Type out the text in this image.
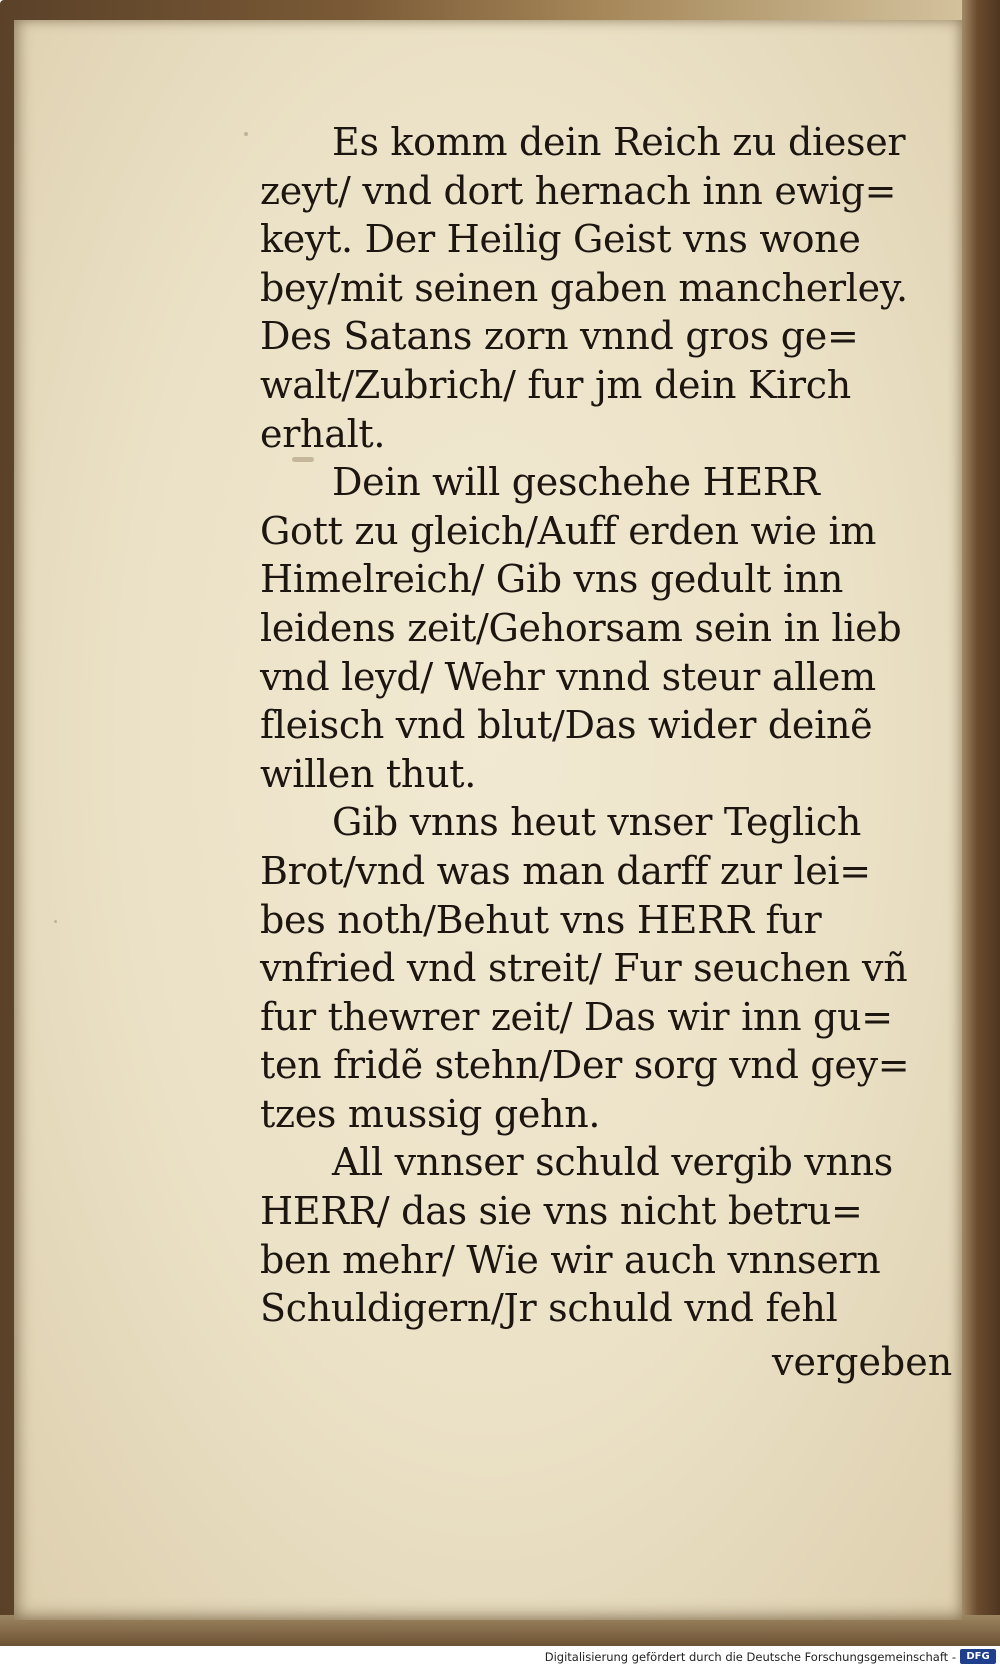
Es komm dein Reich zu dieser
zeyt/ vnd dort hernach inn ewig=
keyt. Der Heilig Geist vns wone
bey/mit seinen gaben mancherley.
Des Satans zorn vnnd gros ge=
walt/Zubrich/ fur jm dein Kirch
erhalt.
Dein will geschehe HERR
Gott zu gleich/Auff erden wie im
Himelreich/ Gib vns gedult inn
leidens zeit/Gehorsam sein in lieb
vnd leyd/ Wehr vnnd steur allem
fleisch vnd blut/Das wider deinẽ
willen thut.
Gib vnns heut vnser Teglich
Brot/vnd was man darff zur lei=
bes noth/Behut vns HERR fur
vnfried vnd streit/ Fur seuchen vñ
fur thewrer zeit/ Das wir inn gu=
ten fridẽ stehn/Der sorg vnd gey=
tzes mussig gehn.
All vnnser schuld vergib vnns
HERR/ das sie vns nicht betru=
ben mehr/ Wie wir auch vnnsern
Schuldigern/Jr schuld vnd fehl
vergeben
Digitalisierung gefördert durch die Deutsche Forschungsgemeinschaft -	DFG
